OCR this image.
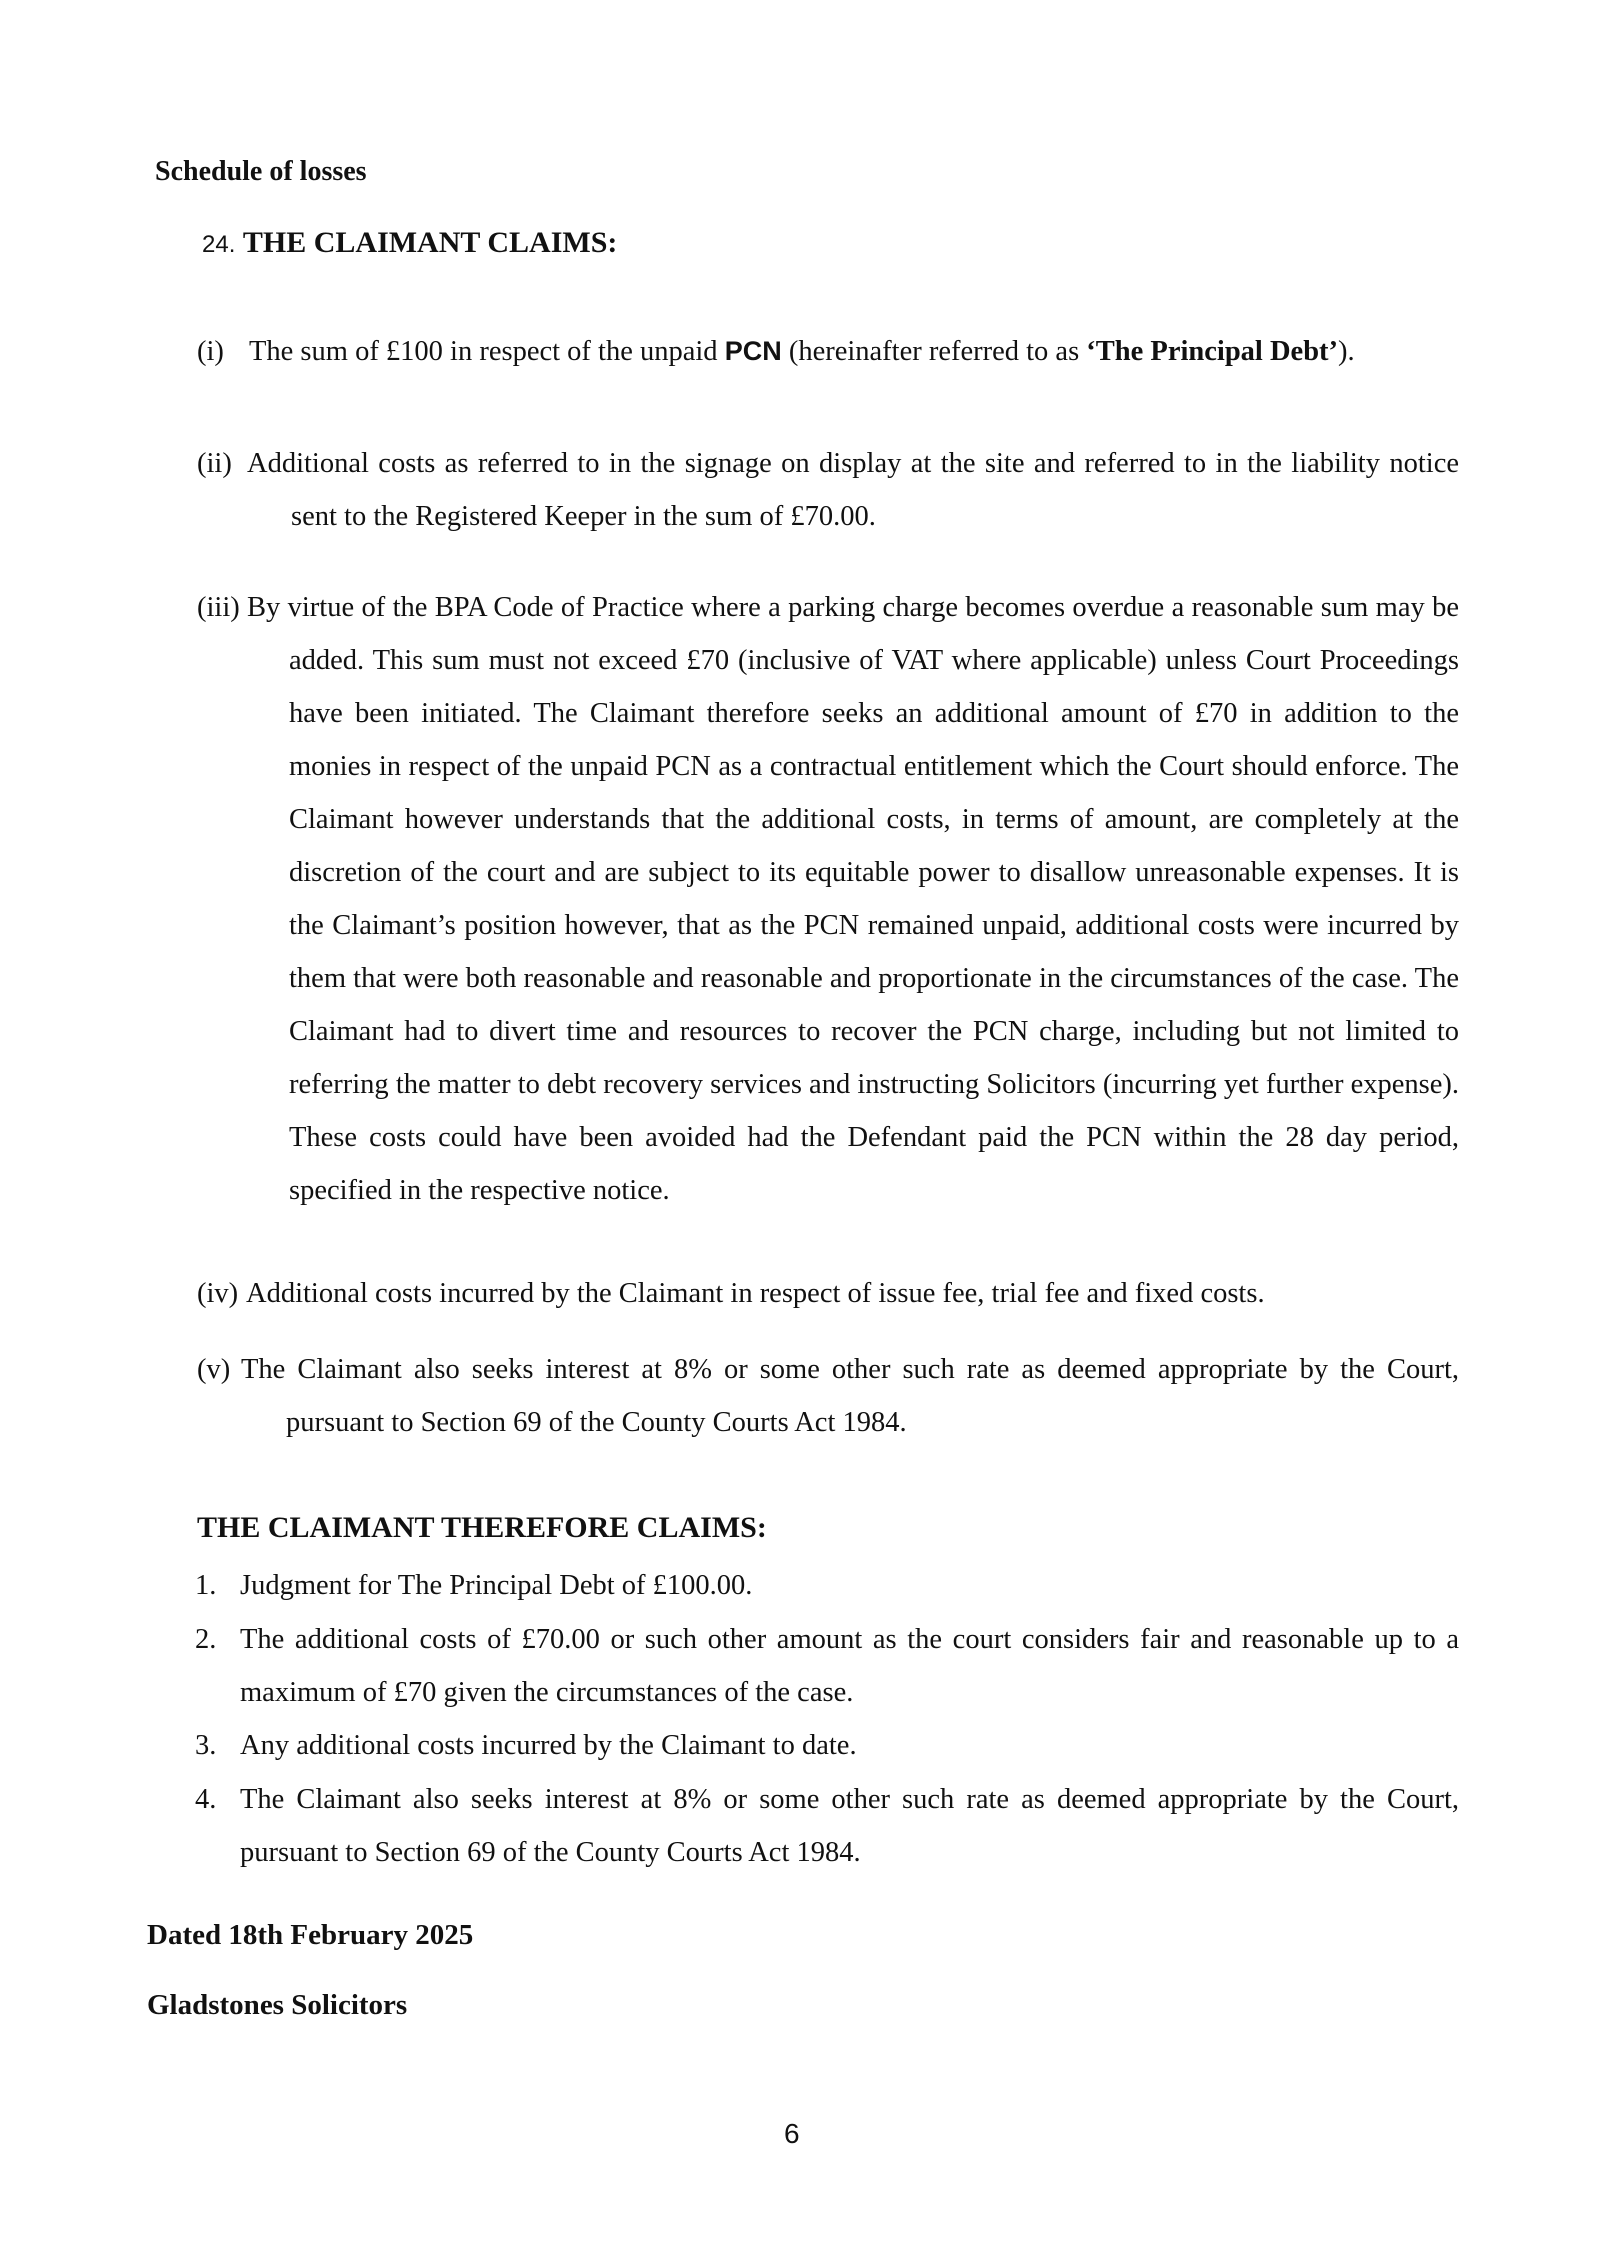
Schedule of losses
24. THE CLAIMANT CLAIMS:
(i) The sum of £100 in respect of the unpaid PCN (hereinafter referred to as ‘The Principal Debt’).
(ii) Additional costs as referred to in the signage on display at the site and referred to in the liability notice sent to the Registered Keeper in the sum of £70.00.
(iii) By virtue of the BPA Code of Practice where a parking charge becomes overdue a reasonable sum may be added. This sum must not exceed £70 (inclusive of VAT where applicable) unless Court Proceedings have been initiated. The Claimant therefore seeks an additional amount of £70 in addition to the monies in respect of the unpaid PCN as a contractual entitlement which the Court should enforce. The Claimant however understands that the additional costs, in terms of amount, are completely at the discretion of the court and are subject to its equitable power to disallow unreasonable expenses. It is the Claimant’s position however, that as the PCN remained unpaid, additional costs were incurred by them that were both reasonable and reasonable and proportionate in the circumstances of the case. The Claimant had to divert time and resources to recover the PCN charge, including but not limited to referring the matter to debt recovery services and instructing Solicitors (incurring yet further expense). These costs could have been avoided had the Defendant paid the PCN within the 28 day period, specified in the respective notice.
(iv) Additional costs incurred by the Claimant in respect of issue fee, trial fee and fixed costs.
(v) The Claimant also seeks interest at 8% or some other such rate as deemed appropriate by the Court, pursuant to Section 69 of the County Courts Act 1984.
THE CLAIMANT THEREFORE CLAIMS:
1. Judgment for The Principal Debt of £100.00.
2. The additional costs of £70.00 or such other amount as the court considers fair and reasonable up to a maximum of £70 given the circumstances of the case.
3. Any additional costs incurred by the Claimant to date.
4. The Claimant also seeks interest at 8% or some other such rate as deemed appropriate by the Court, pursuant to Section 69 of the County Courts Act 1984.
Dated 18th February 2025
Gladstones Solicitors
6
